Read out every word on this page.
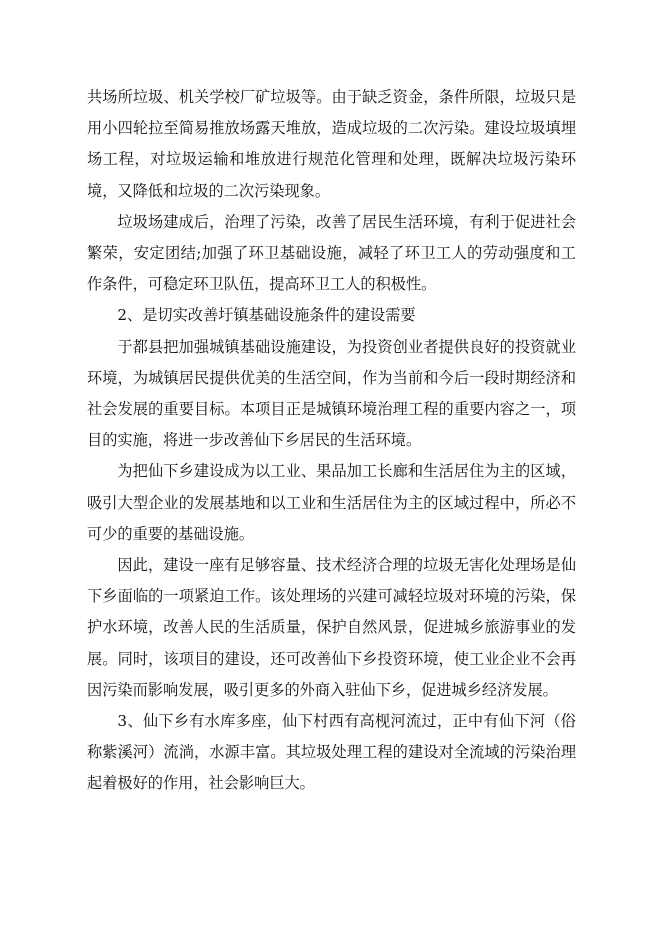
共场所垃圾、机关学校厂矿垃圾等。由于缺乏资金，条件所限，垃圾只是用小四轮拉至简易推放场露天堆放，造成垃圾的二次污染。建设垃圾填埋场工程，对垃圾运输和堆放进行规范化管理和处理，既解决垃圾污染环境，又降低和垃圾的二次污染现象。

垃圾场建成后，治理了污染，改善了居民生活环境，有利于促进社会繁荣，安定团结;加强了环卫基础设施，减轻了环卫工人的劳动强度和工作条件，可稳定环卫队伍，提高环卫工人的积极性。

2、是切实改善圩镇基础设施条件的建设需要

于都县把加强城镇基础设施建设，为投资创业者提供良好的投资就业环境，为城镇居民提供优美的生活空间，作为当前和今后一段时期经济和社会发展的重要目标。本项目正是城镇环境治理工程的重要内容之一，项目的实施，将进一步改善仙下乡居民的生活环境。

为把仙下乡建设成为以工业、果品加工长廊和生活居住为主的区域，吸引大型企业的发展基地和以工业和生活居住为主的区域过程中，所必不可少的重要的基础设施。

因此，建设一座有足够容量、技术经济合理的垃圾无害化处理场是仙下乡面临的一项紧迫工作。该处理场的兴建可减轻垃圾对环境的污染，保护水环境，改善人民的生活质量，保护自然风景，促进城乡旅游事业的发展。同时，该项目的建设，还可改善仙下乡投资环境，使工业企业不会再因污染而影响发展，吸引更多的外商入驻仙下乡，促进城乡经济发展。

3、仙下乡有水库多座，仙下村西有高枧河流过，正中有仙下河（俗称紫溪河）流淌，水源丰富。其垃圾处理工程的建设对全流域的污染治理起着极好的作用，社会影响巨大。
